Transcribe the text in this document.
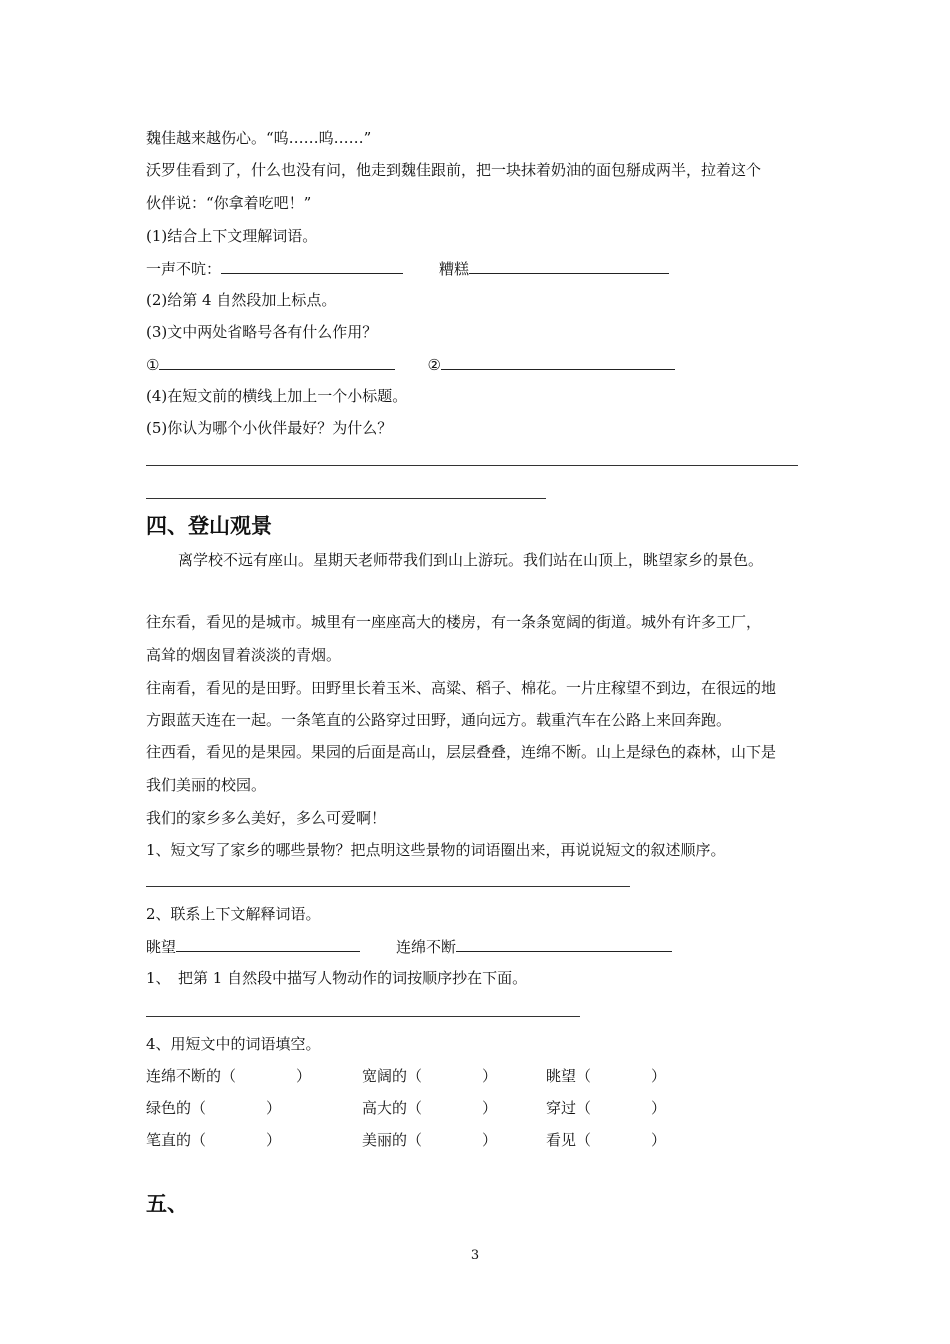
魏佳越来越伤心。“呜……呜……”
沃罗佳看到了，什么也没有问，他走到魏佳跟前，把一块抹着奶油的面包掰成两半，拉着这个
伙伴说：“你拿着吃吧！”
(1)结合上下文理解词语。
一声不吭：	糟糕
(2)给第 4 自然段加上标点。
(3)文中两处省略号各有什么作用？
①	②
(4)在短文前的横线上加上一个小标题。
(5)你认为哪个小伙伴最好？为什么？
四、登山观景
离学校不远有座山。星期天老师带我们到山上游玩。我们站在山顶上，眺望家乡的景色。
往东看，看见的是城市。城里有一座座高大的楼房，有一条条宽阔的街道。城外有许多工厂，
高耸的烟囱冒着淡淡的青烟。
往南看，看见的是田野。田野里长着玉米、高粱、稻子、棉花。一片庄稼望不到边，在很远的地
方跟蓝天连在一起。一条笔直的公路穿过田野，通向远方。载重汽车在公路上来回奔跑。
往西看，看见的是果园。果园的后面是高山，层层叠叠，连绵不断。山上是绿色的森林，山下是
我们美丽的校园。
我们的家乡多么美好，多么可爱啊！
1、短文写了家乡的哪些景物？把点明这些景物的词语圈出来，再说说短文的叙述顺序。
2、联系上下文解释词语。
眺望	连绵不断
1、　把第 1 自然段中描写人物动作的词按顺序抄在下面。
4、用短文中的词语填空。
连绵不断的（　　　　）	宽阔的（　　　　）	眺望（　　　　）
绿色的（　　　　）	高大的（　　　　）	穿过（　　　　）
笔直的（　　　　）	美丽的（　　　　）	看见（　　　　）
五、
3
